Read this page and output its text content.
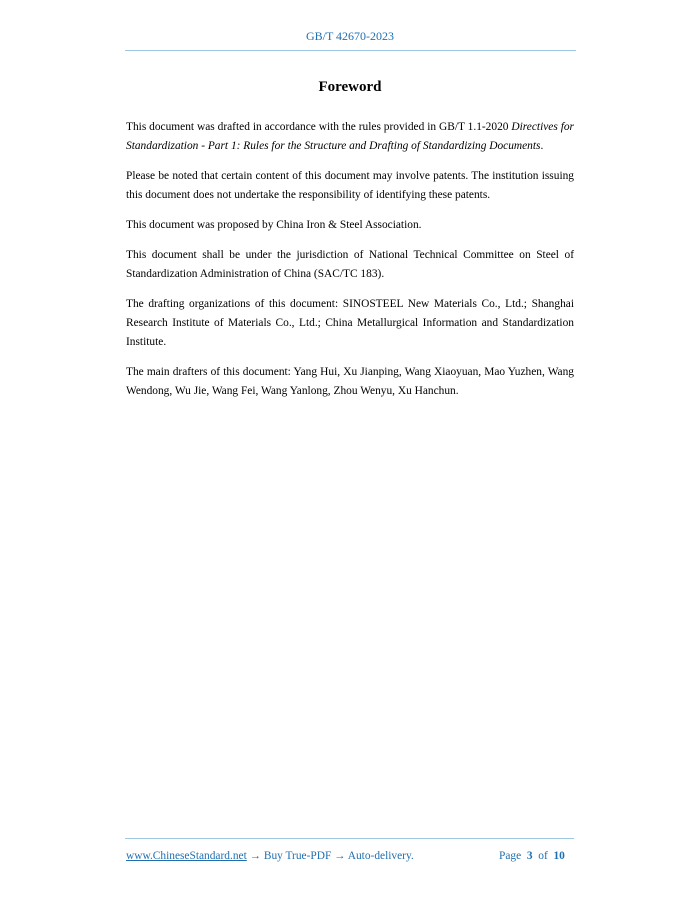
GB/T 42670-2023
Foreword

This document was drafted in accordance with the rules provided in GB/T 1.1-2020 Directives for Standardization - Part 1: Rules for the Structure and Drafting of Standardizing Documents.

Please be noted that certain content of this document may involve patents. The institution issuing this document does not undertake the responsibility of identifying these patents.

This document was proposed by China Iron & Steel Association.

This document shall be under the jurisdiction of National Technical Committee on Steel of Standardization Administration of China (SAC/TC 183).

The drafting organizations of this document: SINOSTEEL New Materials Co., Ltd.; Shanghai Research Institute of Materials Co., Ltd.; China Metallurgical Information and Standardization Institute.

The main drafters of this document: Yang Hui, Xu Jianping, Wang Xiaoyuan, Mao Yuzhen, Wang Wendong, Wu Jie, Wang Fei, Wang Yanlong, Zhou Wenyu, Xu Hanchun.

www.ChineseStandard.net → Buy True-PDF → Auto-delivery.	Page 3 of 10
